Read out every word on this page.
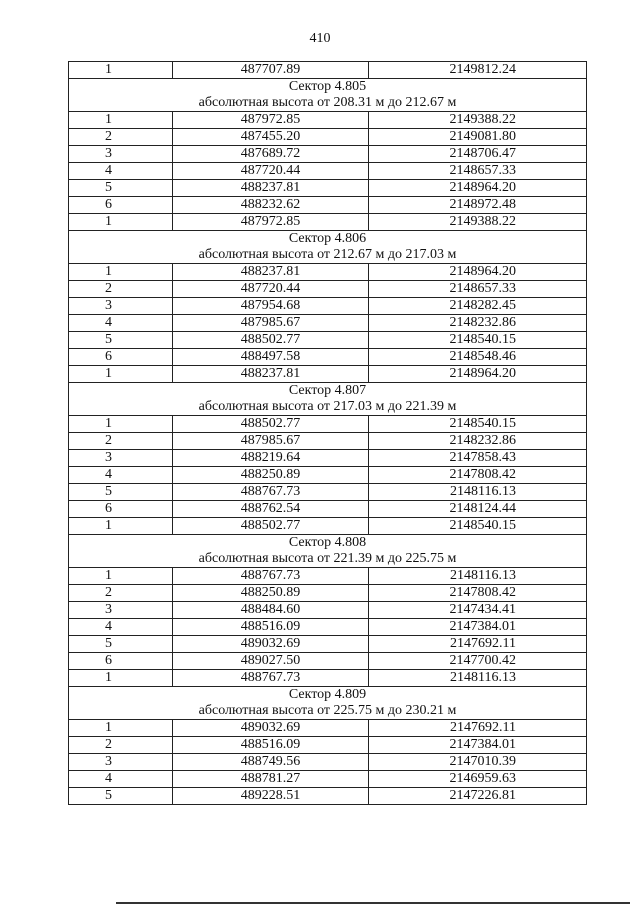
410
1	487707.89	2149812.24
Сектор 4.805		
абсолютная высота от 208.31 м до 212.67 м		
1	487972.85	2149388.22
2	487455.20	2149081.80
3	487689.72	2148706.47
4	487720.44	2148657.33
5	488237.81	2148964.20
6	488232.62	2148972.48
1	487972.85	2149388.22
Сектор 4.806		
абсолютная высота от 212.67 м до 217.03 м		
1	488237.81	2148964.20
2	487720.44	2148657.33
3	487954.68	2148282.45
4	487985.67	2148232.86
5	488502.77	2148540.15
6	488497.58	2148548.46
1	488237.81	2148964.20
Сектор 4.807		
абсолютная высота от 217.03 м до 221.39 м		
1	488502.77	2148540.15
2	487985.67	2148232.86
3	488219.64	2147858.43
4	488250.89	2147808.42
5	488767.73	2148116.13
6	488762.54	2148124.44
1	488502.77	2148540.15
Сектор 4.808		
абсолютная высота от 221.39 м до 225.75 м		
1	488767.73	2148116.13
2	488250.89	2147808.42
3	488484.60	2147434.41
4	488516.09	2147384.01
5	489032.69	2147692.11
6	489027.50	2147700.42
1	488767.73	2148116.13
Сектор 4.809		
абсолютная высота от 225.75 м до 230.21 м		
1	489032.69	2147692.11
2	488516.09	2147384.01
3	488749.56	2147010.39
4	488781.27	2146959.63
5	489228.51	2147226.81
